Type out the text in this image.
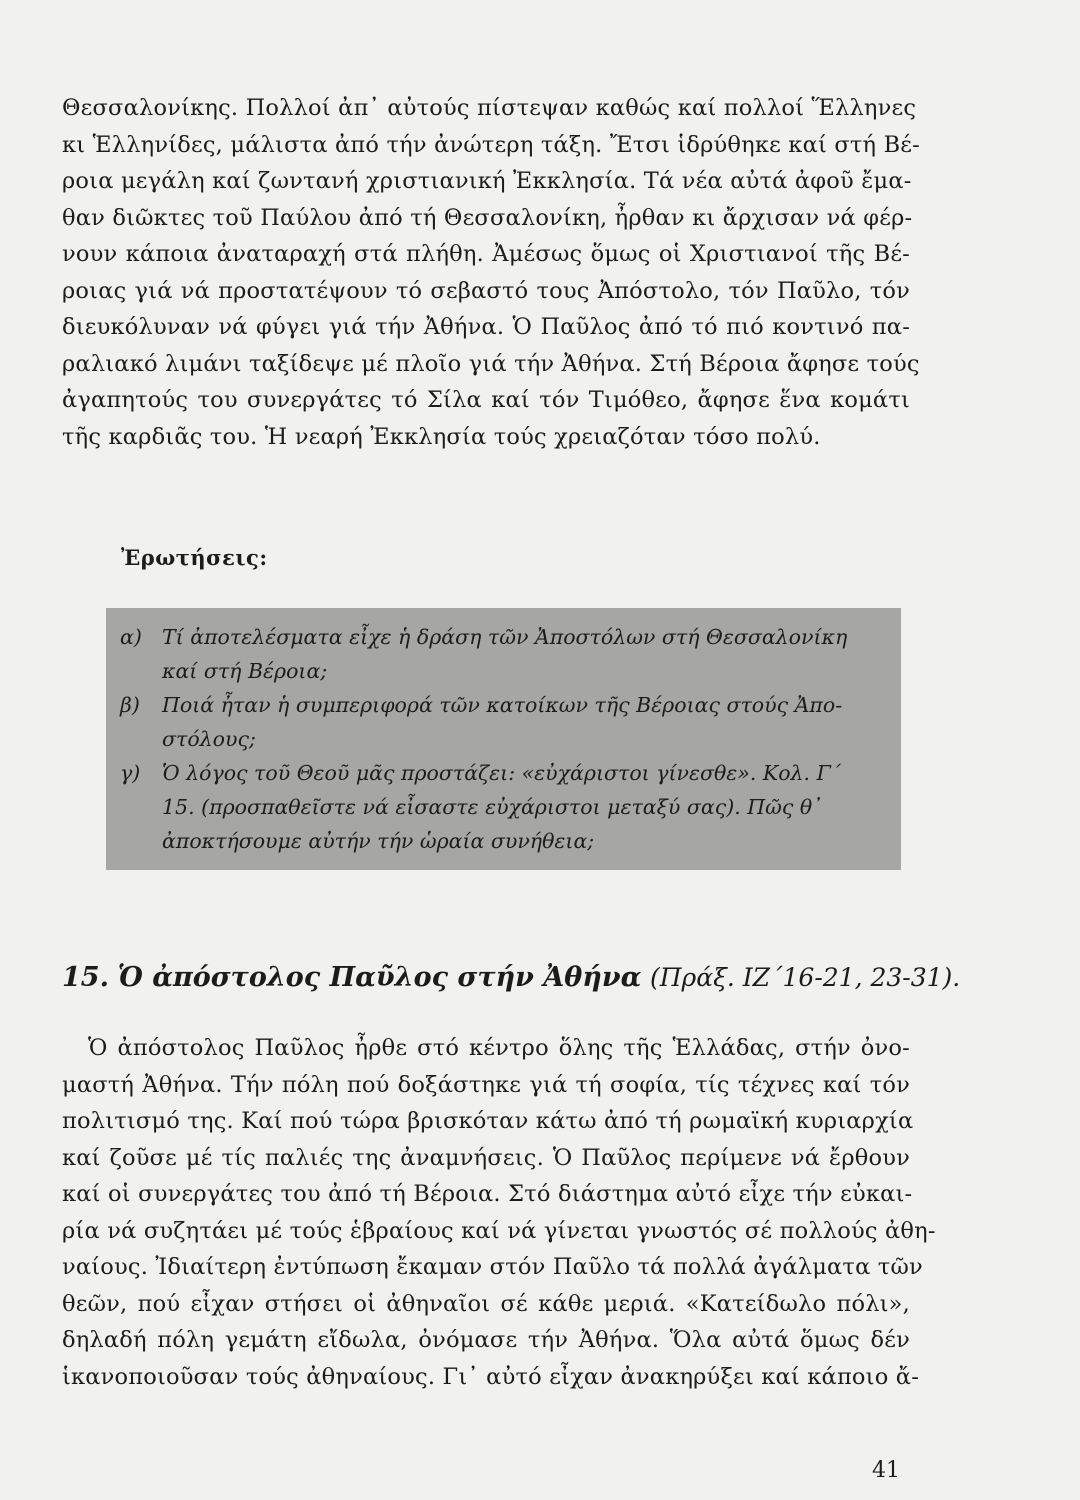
Θεσσαλονίκης. Πολλοί ἀπ᾽ αὐτούς πίστεψαν καθώς καί πολλοί Ἕλληνες
κι Ἑλληνίδες, μάλιστα ἀπό τήν ἀνώτερη τάξη. Ἔτσι ἱδρύθηκε καί στή Βέ-
ροια μεγάλη καί ζωντανή χριστιανική Ἐκκλησία. Τά νέα αὐτά ἀφοῦ ἔμα-
θαν διῶκτες τοῦ Παύλου ἀπό τή Θεσσαλονίκη, ἦρθαν κι ἄρχισαν νά φέρ-
νουν κάποια ἀναταραχή στά πλήθη. Ἀμέσως ὅμως οἱ Χριστιανοί τῆς Βέ-
ροιας γιά νά προστατέψουν τό σεβαστό τους Ἀπόστολο, τόν Παῦλο, τόν
διευκόλυναν νά φύγει γιά τήν Ἀθήνα. Ὁ Παῦλος ἀπό τό πιό κοντινό πα-
ραλιακό λιμάνι ταξίδεψε μέ πλοῖο γιά τήν Ἀθήνα. Στή Βέροια ἄφησε τούς
ἀγαπητούς του συνεργάτες τό Σίλα καί τόν Τιμόθεο, ἄφησε ἕνα κομάτι
τῆς καρδιᾶς του. Ἡ νεαρή Ἐκκλησία τούς χρειαζόταν τόσο πολύ.
Ἐρωτήσεις:
α) Τί ἀποτελέσματα εἶχε ἡ δράση τῶν Ἀποστόλων στή Θεσσαλονίκη
καί στή Βέροια;
β)	Ποιά ἦταν ἡ συμπεριφορά τῶν κατοίκων τῆς Βέροιας στούς Ἀπο-
στόλους;
γ)	Ὁ λόγος τοῦ Θεοῦ μᾶς προστάζει: «εὐχάριστοι γίνεσθε». Κολ. Γ΄
15. (προσπαθεῖστε νά εἶσαστε εὐχάριστοι μεταξύ σας). Πῶς θ᾽
ἀποκτήσουμε αὐτήν τήν ὡραία συνήθεια;
15. Ὁ ἀπόστολος Παῦλος στήν Ἀθήνα (Πράξ. ΙΖ΄16-21, 23-31).
Ὁ ἀπόστολος Παῦλος ἦρθε στό κέντρο ὅλης τῆς Ἑλλάδας, στήν ὀνο-
μαστή Ἀθήνα. Τήν πόλη πού δοξάστηκε γιά τή σοφία, τίς τέχνες καί τόν
πολιτισμό της. Καί πού τώρα βρισκόταν κάτω ἀπό τή ρωμαϊκή κυριαρχία
καί ζοῦσε μέ τίς παλιές της ἀναμνήσεις. Ὁ Παῦλος περίμενε νά ἔρθουν
καί οἱ συνεργάτες του ἀπό τή Βέροια. Στό διάστημα αὐτό εἶχε τήν εὐκαι-
ρία νά συζητάει μέ τούς ἑβραίους καί νά γίνεται γνωστός σέ πολλούς ἀθη-
ναίους. Ἰδιαίτερη ἐντύπωση ἔκαμαν στόν Παῦλο τά πολλά ἀγάλματα τῶν
θεῶν, πού εἶχαν στήσει οἱ ἀθηναῖοι σέ κάθε μεριά. «Κατείδωλο πόλι»,
δηλαδή πόλη γεμάτη εἴδωλα, ὀνόμασε τήν Ἀθήνα. Ὅλα αὐτά ὅμως δέν
ἱκανοποιοῦσαν τούς ἀθηναίους. Γι᾽ αὐτό εἶχαν ἀνακηρύξει καί κάποιο ἄ-
41
